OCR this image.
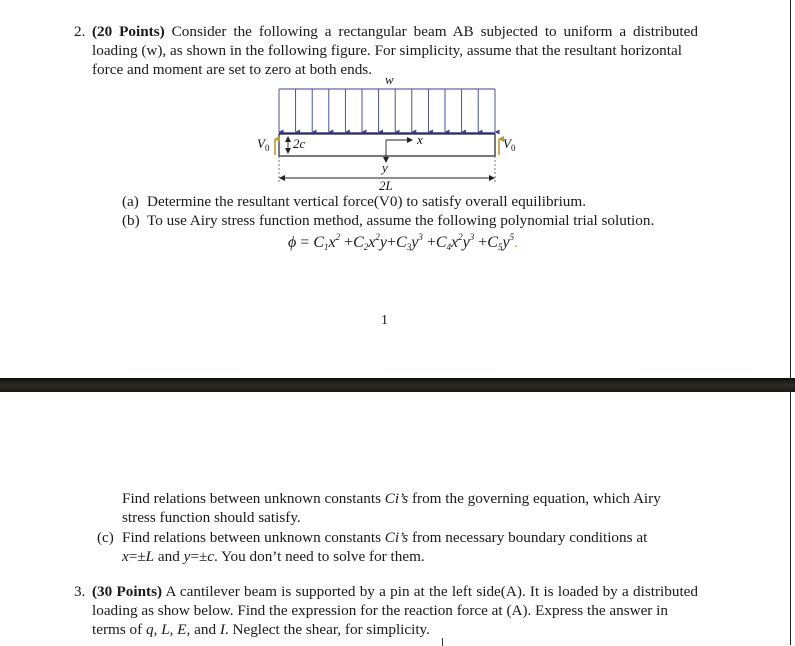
2. (20 Points) Consider the following a rectangular beam AB subjected to uniform a distributed
loading (w), as shown in the following figure. For simplicity, assume that the resultant horizontal
force and moment are set to zero at both ends.
w
2c
$V_0$	$V_0$
x
y
2L
(a) Determine the resultant vertical force(V0) to satisfy overall equilibrium.
(b) To use Airy stress function method, assume the following polynomial trial solution.
$\phi = C_1x^2 +C_2x^2y+C_3y^3 +C_4x^2y^3 +C_5y^5$.
1
Find relations between unknown constants Ci’s from the governing equation, which Airy
stress function should satisfy.
(c) Find relations between unknown constants Ci’s from necessary boundary conditions at
x=±L and y=±c. You don’t need to solve for them.
3. (30 Points) A cantilever beam is supported by a pin at the left side(A). It is loaded by a distributed
loading as show below. Find the expression for the reaction force at (A). Express the answer in
terms of q, L, E, and I. Neglect the shear, for simplicity.
